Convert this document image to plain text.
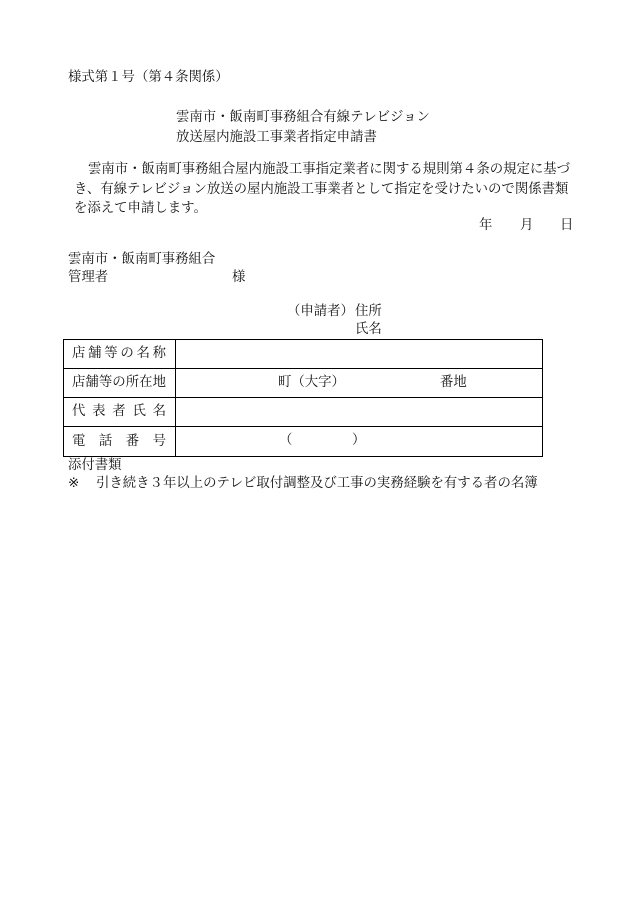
様式第１号（第４条関係）
雲南市・飯南町事務組合有線テレビジョン
放送屋内施設工事業者指定申請書
雲南市・飯南町事務組合屋内施設工事指定業者に関する規則第４条の規定に基づ
き、有線テレビジョン放送の屋内施設工事業者として指定を受けたいので関係書類
を添えて申請します。
年 月 日
雲南市・飯南町事務組合
管理者	様
（申請者） 住所
氏名
店舗等の名称
店舗等の所在地	町（大字）	番地
代 表 者 氏 名
電　話　番　号	（	）
添付書類
※ 引き続き３年以上のテレビ取付調整及び工事の実務経験を有する者の名簿
